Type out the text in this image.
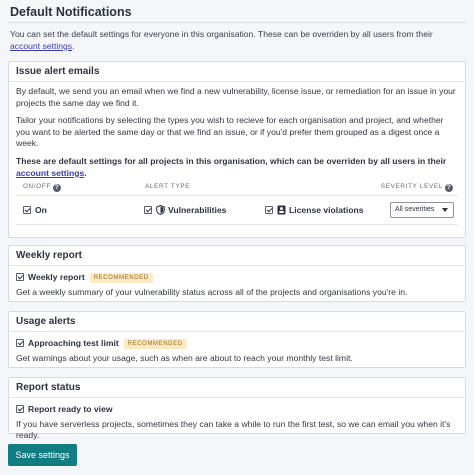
Default Notifications
You can set the default settings for everyone in this organisation. These can be overriden by all users from their account settings.
Issue alert emails
By default, we send you an email when we find a new vulnerability, license issue, or remediation for an issue in your projects the same day we find it.
Tailor your notifications by selecting the types you wish to recieve for each organisation and project, and whether you want to be alerted the same day or that we find an issue, or if you'd prefer them grouped as a digest once a week.
These are default settings for all projects in this organisation, which can be overriden by all users in their account settings.
ON/OFF ?	ALERT TYPE	SEVERITY LEVEL ?
On	Vulnerabilities	License violations	All severities
Weekly report
Weekly report RECOMMENDED
Get a weekly summary of your vulnerability status across all of the projects and organisations you're in.
Usage alerts
Approaching test limit RECOMMENDED
Get warnings about your usage, such as when are about to reach your monthly test limit.
Report status
Report ready to view
If you have serverless projects, sometimes they can take a while to run the first test, so we can email you when it's ready.
Save settings
